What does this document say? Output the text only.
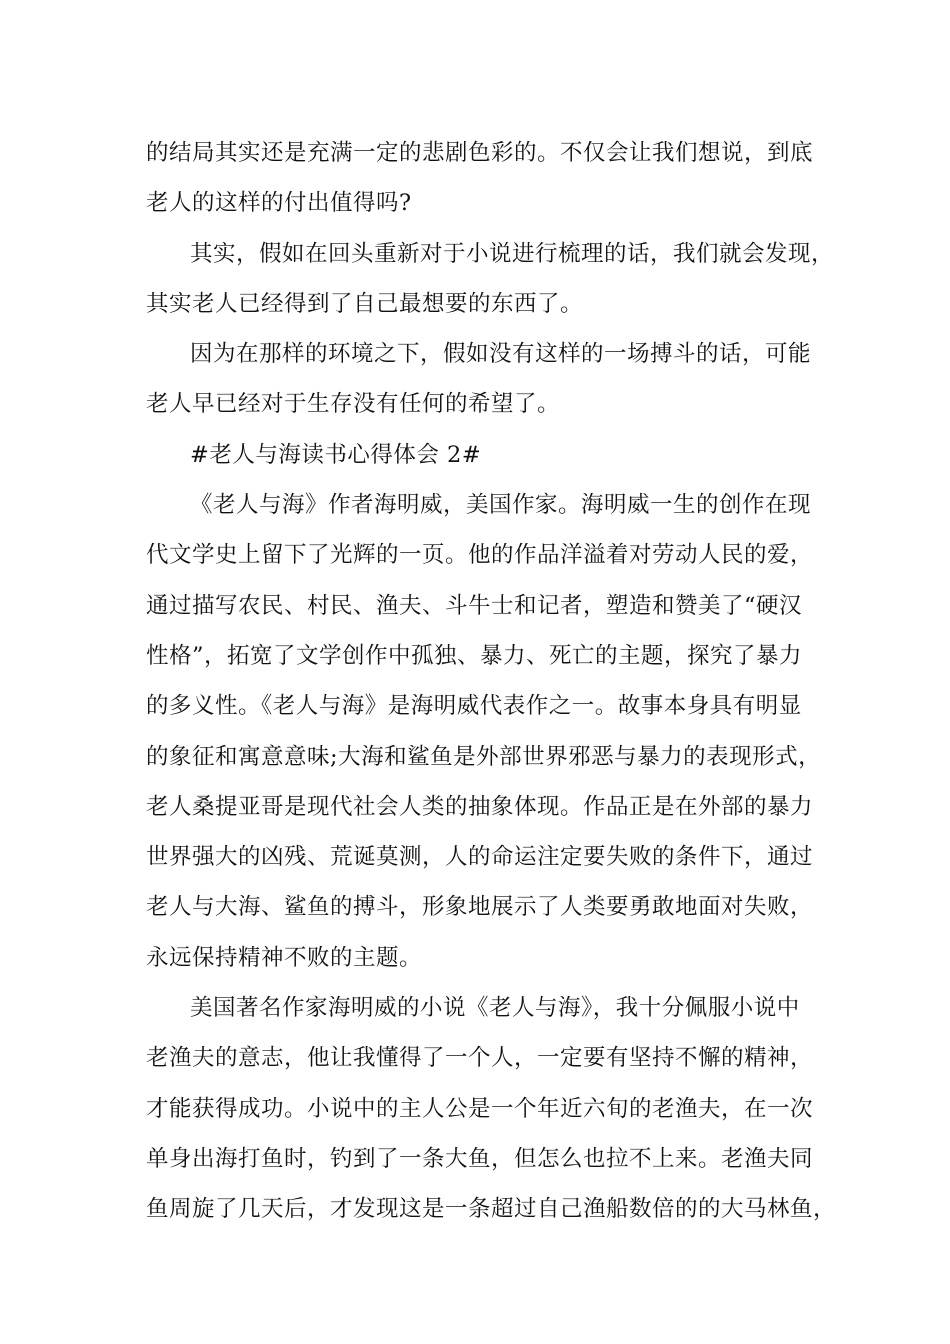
的结局其实还是充满一定的悲剧色彩的。不仅会让我们想说，到底
老人的这样的付出值得吗?
其实，假如在回头重新对于小说进行梳理的话，我们就会发现，
其实老人已经得到了自己最想要的东西了。
因为在那样的环境之下，假如没有这样的一场搏斗的话，可能
老人早已经对于生存没有任何的希望了。
#老人与海读书心得体会 2#
《老人与海》作者海明威，美国作家。海明威一生的创作在现
代文学史上留下了光辉的一页。他的作品洋溢着对劳动人民的爱，
通过描写农民、村民、渔夫、斗牛士和记者，塑造和赞美了“硬汉
性格”，拓宽了文学创作中孤独、暴力、死亡的主题，探究了暴力
的多义性。《老人与海》是海明威代表作之一。故事本身具有明显
的象征和寓意意味;大海和鲨鱼是外部世界邪恶与暴力的表现形式，
老人桑提亚哥是现代社会人类的抽象体现。作品正是在外部的暴力
世界强大的凶残、荒诞莫测，人的命运注定要失败的条件下，通过
老人与大海、鲨鱼的搏斗，形象地展示了人类要勇敢地面对失败，
永远保持精神不败的主题。
美国著名作家海明威的小说《老人与海》，我十分佩服小说中
老渔夫的意志，他让我懂得了一个人，一定要有坚持不懈的精神，
才能获得成功。小说中的主人公是一个年近六旬的老渔夫，在一次
单身出海打鱼时，钓到了一条大鱼，但怎么也拉不上来。老渔夫同
鱼周旋了几天后，才发现这是一条超过自己渔船数倍的的大马林鱼，
